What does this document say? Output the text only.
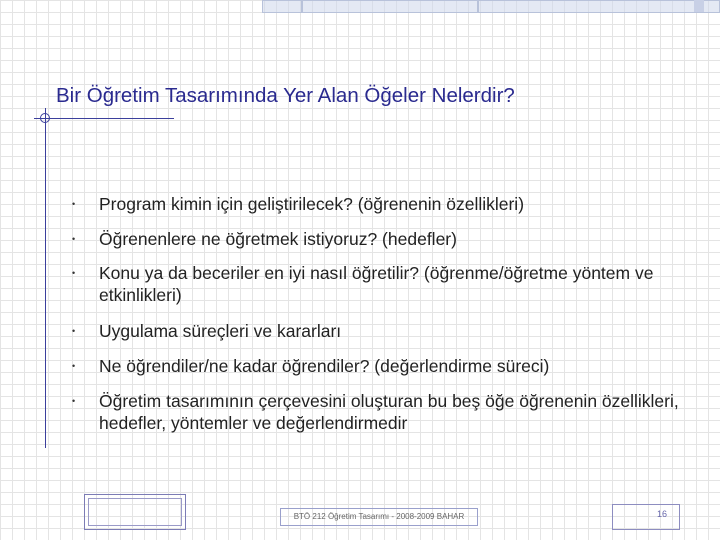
Bir Öğretim Tasarımında Yer Alan Öğeler Nelerdir?
• Program kimin için geliştirilecek? (öğrenenin özellikleri)
• Öğrenenlere ne öğretmek istiyoruz? (hedefler)
• Konu ya da beceriler en iyi nasıl öğretilir? (öğrenme/öğretme yöntem ve etkinlikleri)
• Uygulama süreçleri ve kararları
• Ne öğrendiler/ne kadar öğrendiler? (değerlendirme süreci)
• Öğretim tasarımının çerçevesini oluşturan bu beş öğe öğrenenin özellikleri, hedefler, yöntemler ve değerlendirmedir
BTÖ 212 Öğretim Tasarımı - 2008-2009 BAHAR	16
